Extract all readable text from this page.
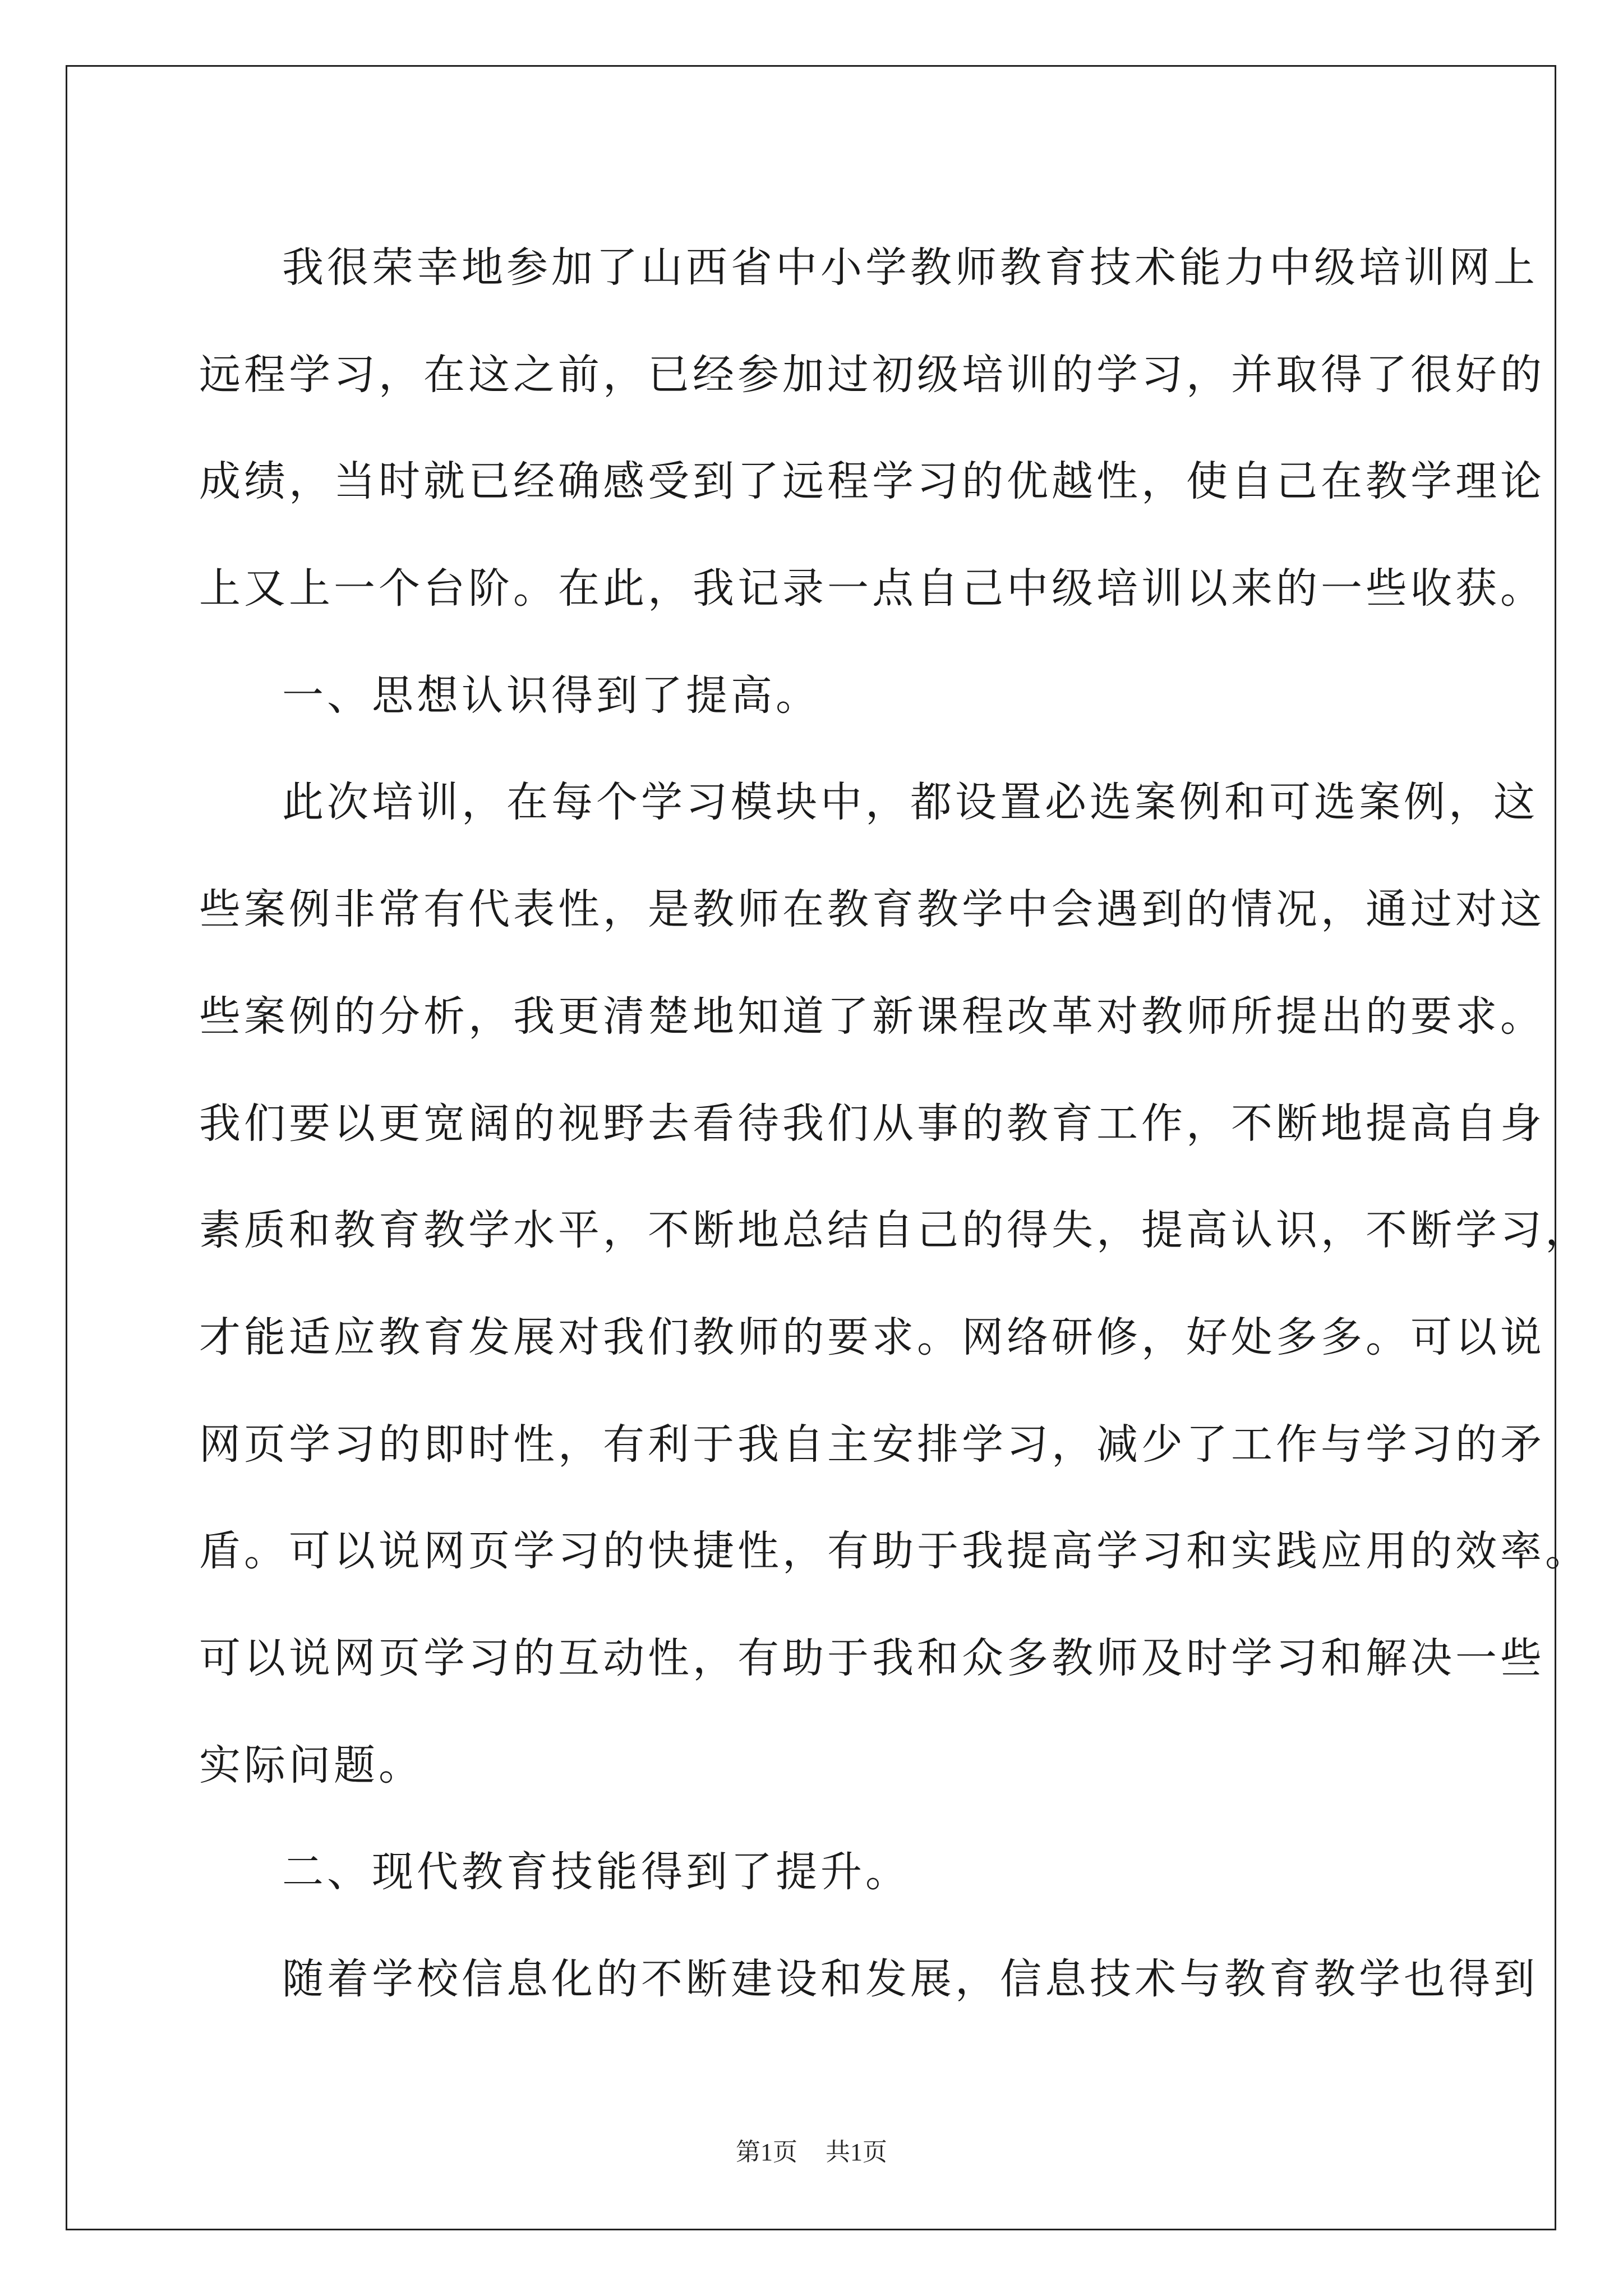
我很荣幸地参加了山西省中小学教师教育技术能力中级培训网上
远程学习，在这之前，已经参加过初级培训的学习，并取得了很好的
成绩，当时就已经确感受到了远程学习的优越性，使自己在教学理论
上又上一个台阶。在此，我记录一点自己中级培训以来的一些收获。
一、思想认识得到了提高。
此次培训，在每个学习模块中，都设置必选案例和可选案例，这
些案例非常有代表性，是教师在教育教学中会遇到的情况，通过对这
些案例的分析，我更清楚地知道了新课程改革对教师所提出的要求。
我们要以更宽阔的视野去看待我们从事的教育工作，不断地提高自身
素质和教育教学水平，不断地总结自己的得失，提高认识，不断学习，
才能适应教育发展对我们教师的要求。网络研修，好处多多。可以说
网页学习的即时性，有利于我自主安排学习，减少了工作与学习的矛
盾。可以说网页学习的快捷性，有助于我提高学习和实践应用的效率。
可以说网页学习的互动性，有助于我和众多教师及时学习和解决一些
实际问题。
二、现代教育技能得到了提升。
随着学校信息化的不断建设和发展，信息技术与教育教学也得到
第1页 共1页
